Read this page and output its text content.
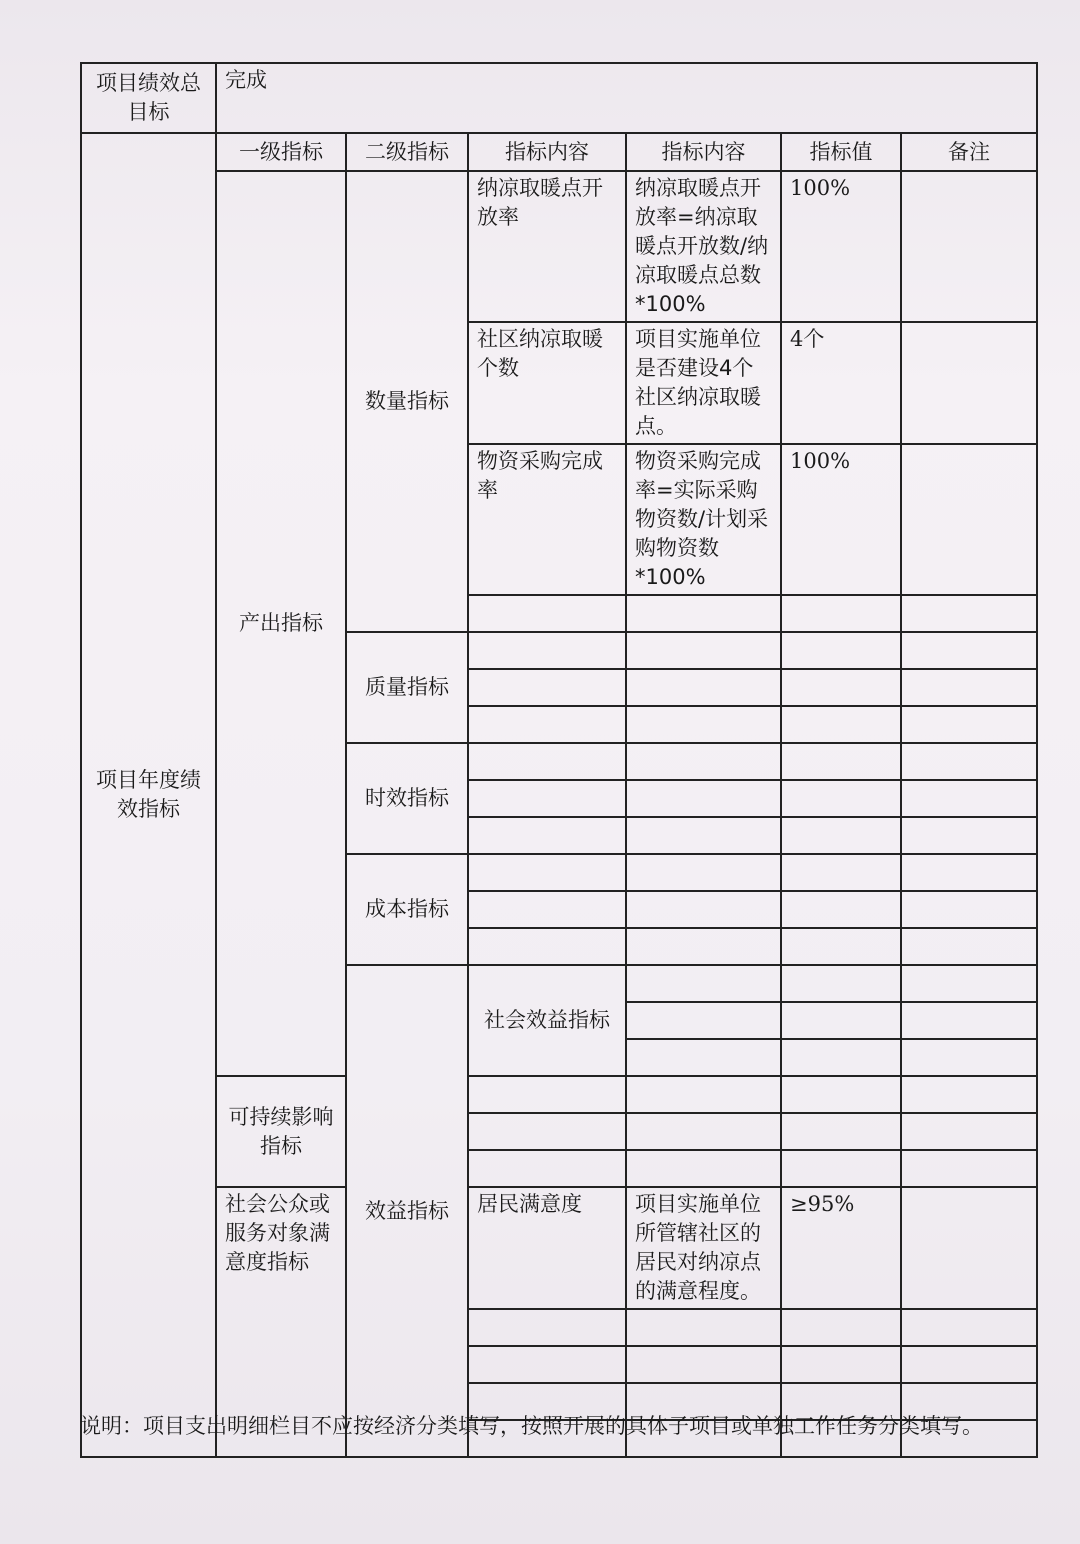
项目绩效总目标	完成						
项目年度绩效指标	一级指标	二级指标	指标内容	指标内容	指标值	备注	
	产出指标	数量指标	纳凉取暖点开放率	纳凉取暖点开放率=纳凉取暖点开放数/纳凉取暖点总数*100%	100%		
			社区纳凉取暖个数	项目实施单位是否建设4个社区纳凉取暖点。	4个		
			物资采购完成率	物资采购完成率=实际采购物资数/计划采购物资数*100%	100%		

		质量指标					

		时效指标					

		成本指标					

		效益指标	社会效益指标				

	可持续影响指标						

	社会公众或服务对象满意度指标		居民满意度	项目实施单位所管辖社区的居民对纳凉点的满意程度。	≥95%		

说明：项目支出明细栏目不应按经济分类填写，按照开展的具体子项目或单独工作任务分类填写。
